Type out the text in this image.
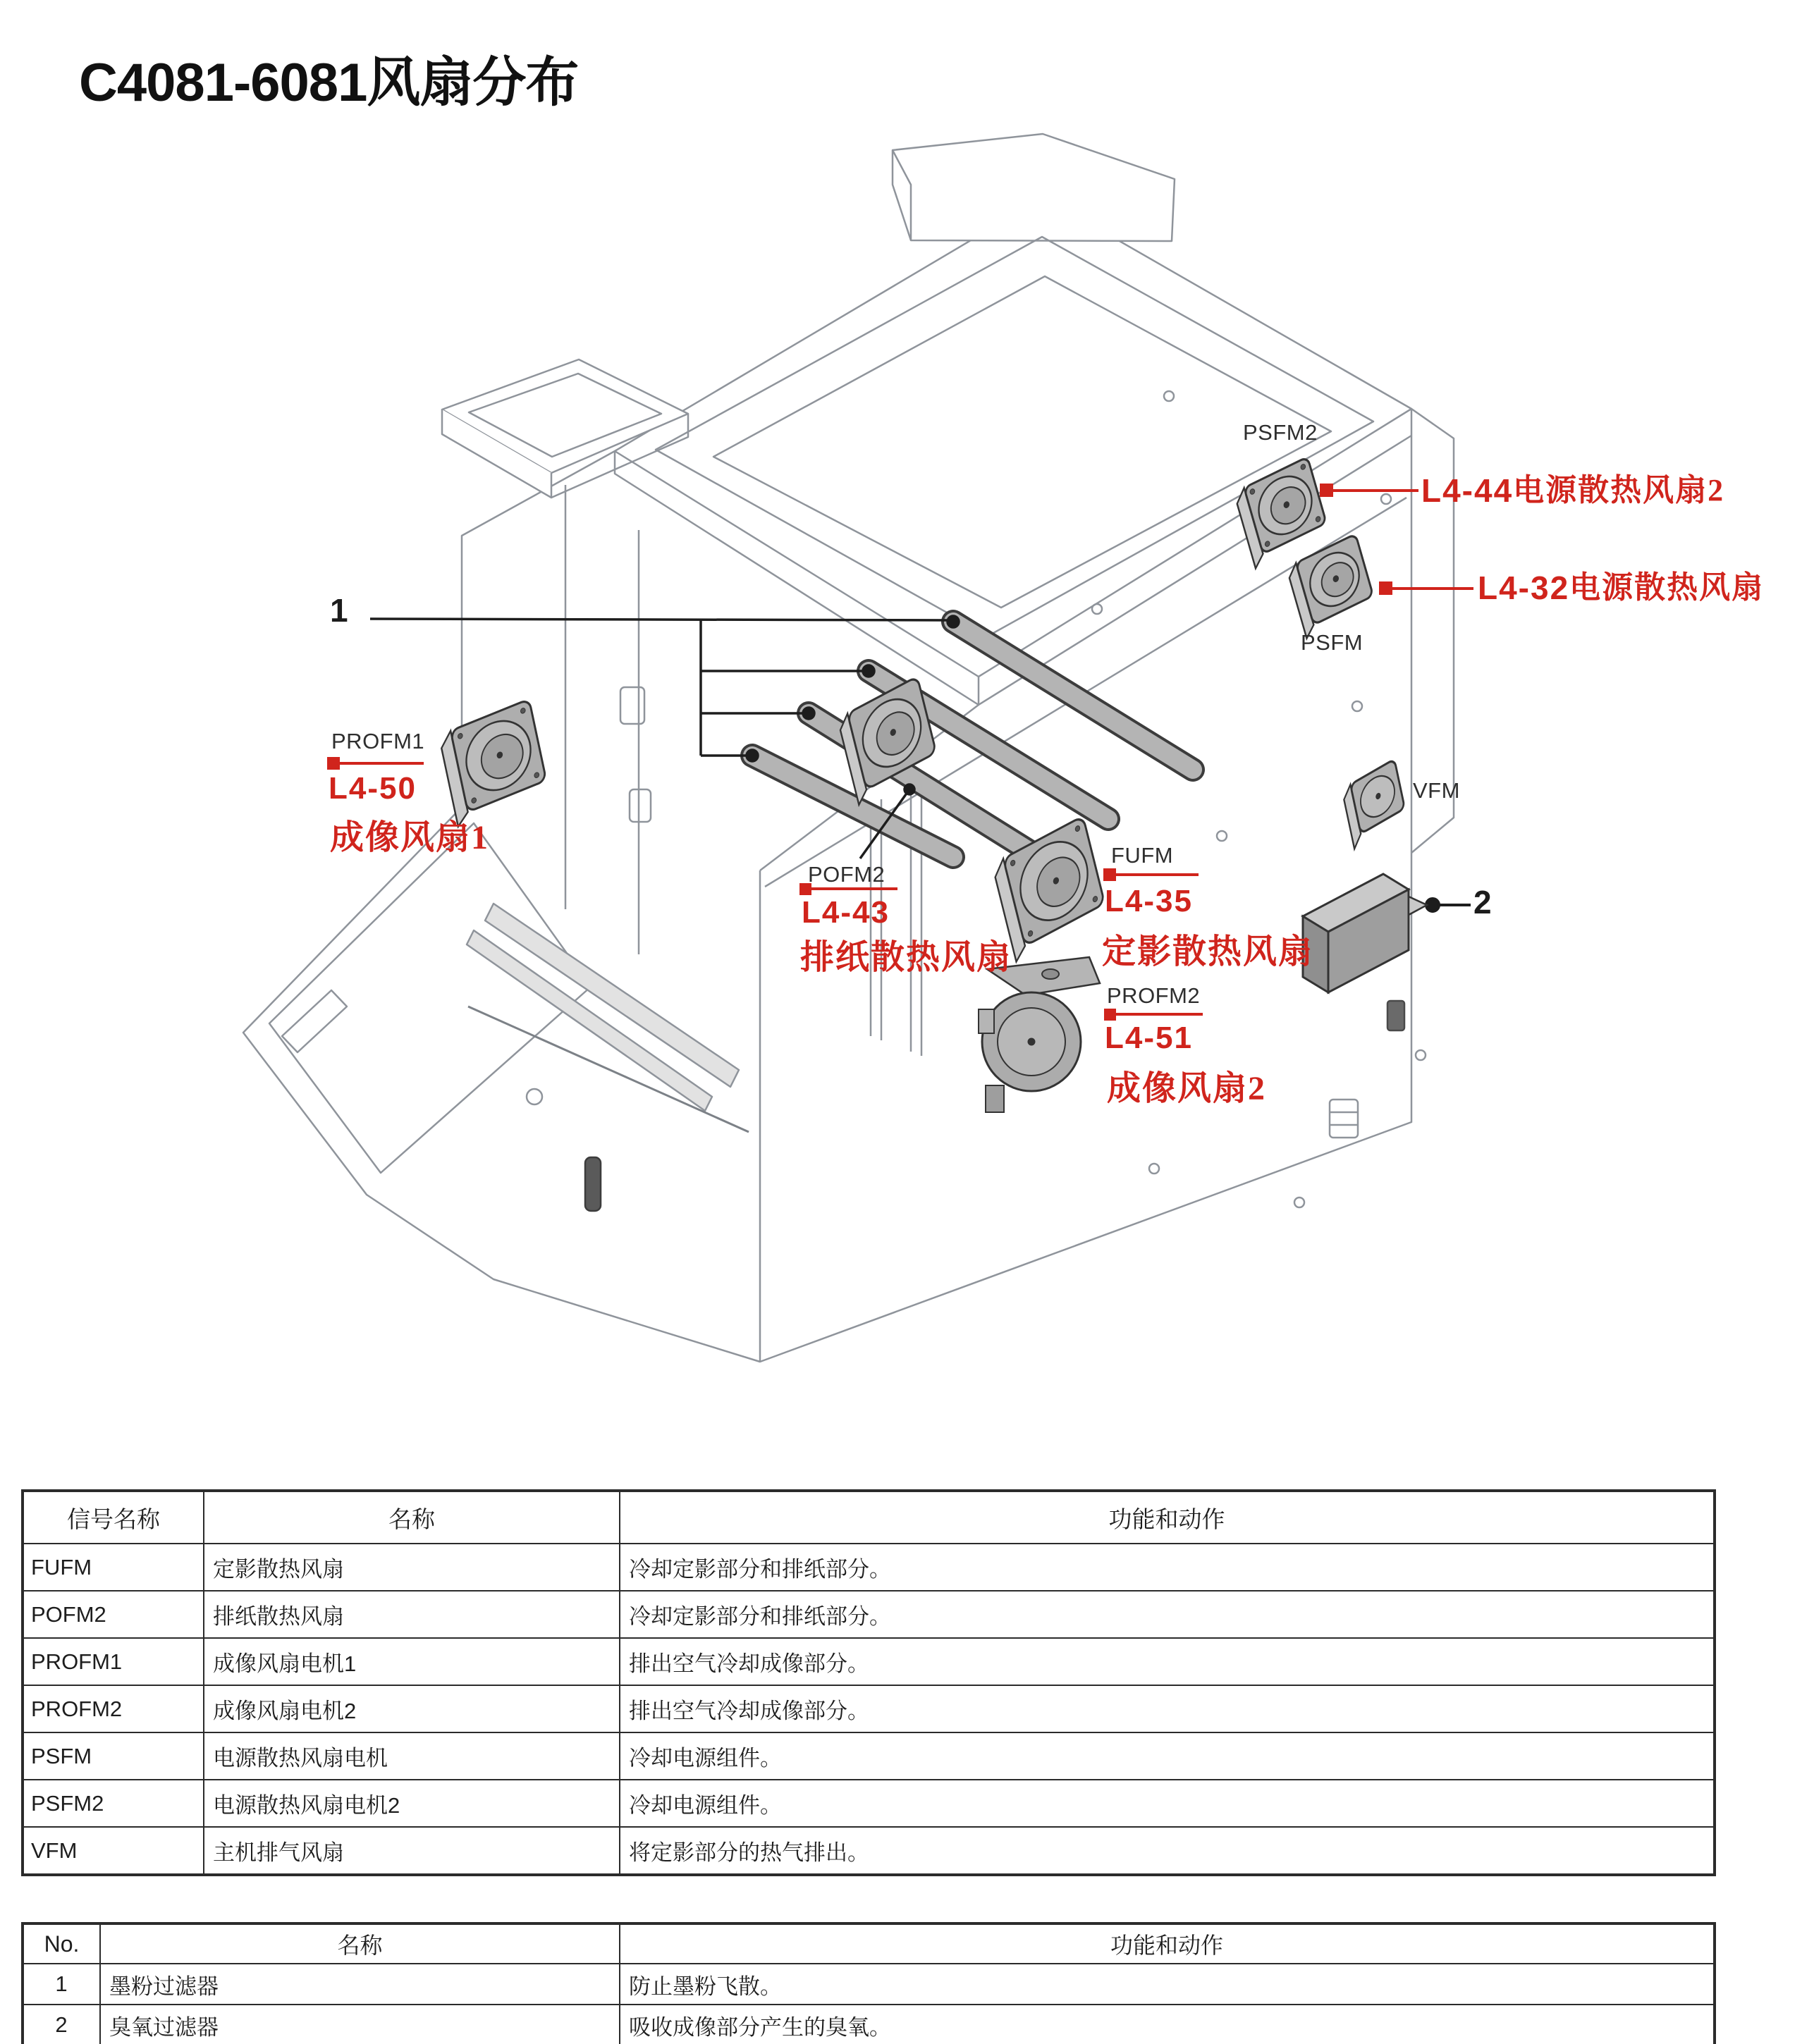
C4081-6081风扇分布
1
2
PSFM2
PSFM
VFM
FUFM
POFM2
PROFM1
PROFM2
L4-44电源散热风扇2
L4-32电源散热风扇
L4-50
成像风扇1
L4-43
排纸散热风扇
L4-35
定影散热风扇
L4-51
成像风扇2
信号名称	名称	功能和动作
FUFM	定影散热风扇	冷却定影部分和排纸部分。
POFM2	排纸散热风扇	冷却定影部分和排纸部分。
PROFM1	成像风扇电机1	排出空气冷却成像部分。
PROFM2	成像风扇电机2	排出空气冷却成像部分。
PSFM	电源散热风扇电机	冷却电源组件。
PSFM2	电源散热风扇电机2	冷却电源组件。
VFM	主机排气风扇	将定影部分的热气排出。
No.	名称	功能和动作
1	墨粉过滤器	防止墨粉飞散。
2	臭氧过滤器	吸收成像部分产生的臭氧。
